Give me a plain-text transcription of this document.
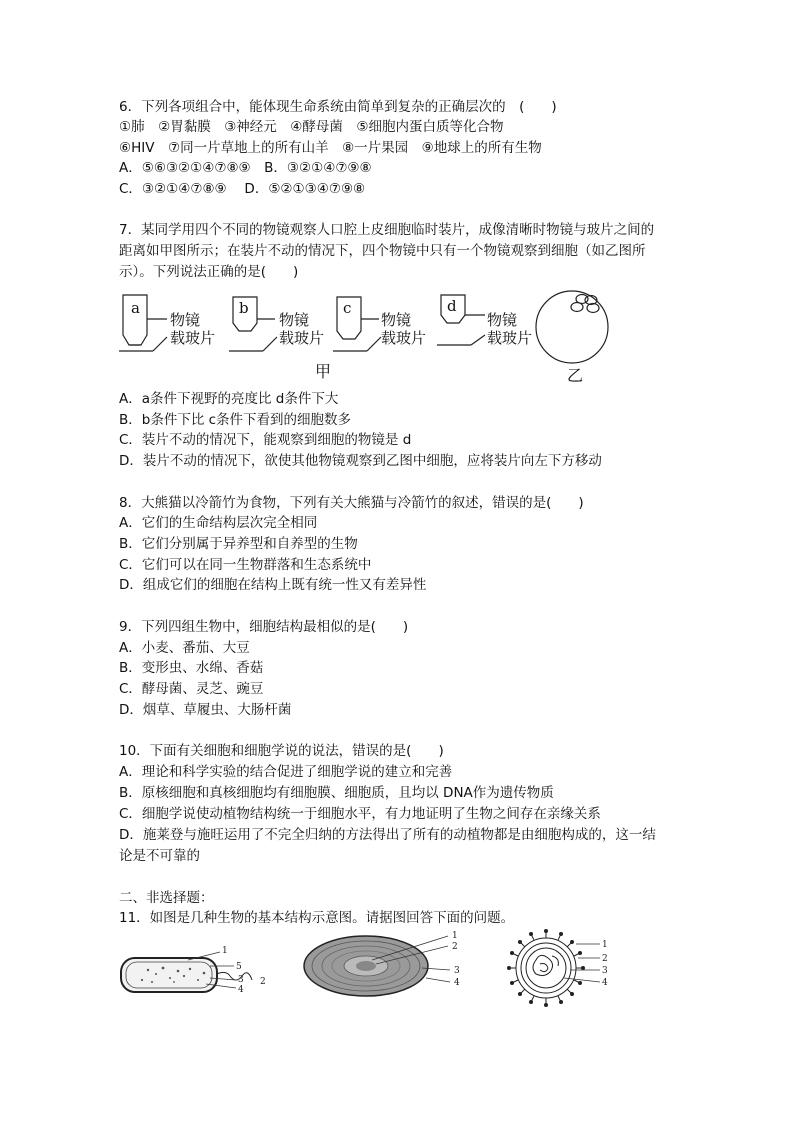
6．下列各项组合中，能体现生命系统由简单到复杂的正确层次的　(　　)
①肺　②胃黏膜　③神经元　④酵母菌　⑤细胞内蛋白质等化合物
⑥HIV　⑦同一片草地上的所有山羊　⑧一片果园　⑨地球上的所有生物
A．⑤⑥③②①④⑦⑧⑨　B．③②①④⑦⑨⑧
C．③②①④⑦⑧⑨　 D．⑤②①③④⑦⑨⑧
7．某同学用四个不同的物镜观察人口腔上皮细胞临时装片，成像清晰时物镜与玻片之间的
距离如甲图所示；在装片不动的情况下，四个物镜中只有一个物镜观察到细胞（如乙图所
示）。下列说法正确的是(　　)
a	b	c	d
物镜
载玻片
物镜
载玻片
物镜
载玻片
物镜
载玻片
甲	乙
A．a条件下视野的亮度比 d条件下大
B．b条件下比 c条件下看到的细胞数多
C．装片不动的情况下，能观察到细胞的物镜是 d
D．装片不动的情况下，欲使其他物镜观察到乙图中细胞，应将装片向左下方移动
8．大熊猫以冷箭竹为食物，下列有关大熊猫与冷箭竹的叙述，错误的是(　　)
A．它们的生命结构层次完全相同
B．它们分别属于异养型和自养型的生物
C．它们可以在同一生物群落和生态系统中
D．组成它们的细胞在结构上既有统一性又有差异性
9．下列四组生物中，细胞结构最相似的是(　　)
A．小麦、番茄、大豆
B．变形虫、水绵、香菇
C．酵母菌、灵芝、豌豆
D．烟草、草履虫、大肠杆菌
10．下面有关细胞和细胞学说的说法，错误的是(　　)
A．理论和科学实验的结合促进了细胞学说的建立和完善
B．原核细胞和真核细胞均有细胞膜、细胞质，且均以 DNA作为遗传物质
C．细胞学说使动植物结构统一于细胞水平，有力地证明了生物之间存在亲缘关系
D．施莱登与施旺运用了不完全归纳的方法得出了所有的动植物都是由细胞构成的，这一结
论是不可靠的
二、非选择题：
11．如图是几种生物的基本结构示意图。请据图回答下面的问题。
1
5
3
4
2
1
2
3
4
1
2
3
4
